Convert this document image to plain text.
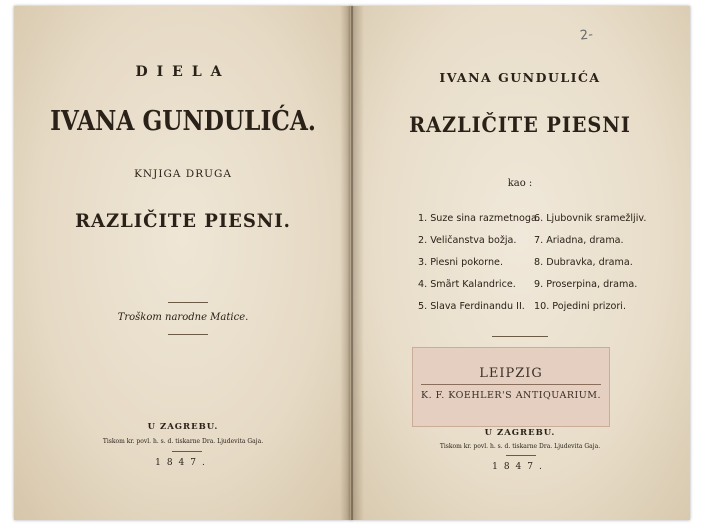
DIELA
IVANA GUNDULIĆA.
KNJIGA DRUGA
RAZLIČITE PIESNI.
Troškom narodne Matice.
U ZAGREBU.
Tiskom kr. povl. h. s. d. tiskarne Dra. Ljudevita Gaja.
1847.
2-
IVANA GUNDULIĆA
RAZLIČITE PIESNI
kao :
1. Suze sina razmetnoga.
2. Veličanstva božja.
3. Piesni pokorne.
4. Smȁrt Kalandrice.
5. Slava Ferdinandu II.
6. Ljubovnik sramežljiv.
7. Ariadna, drama.
8. Dubravka, drama.
9. Proserpina, drama.
10. Pojedini prizori.
LEIPZIG
K. F. KOEHLER'S ANTIQUARIUM.
U ZAGREBU.
Tiskom kr. povl. h. s. d. tiskarne Dra. Ljudevita Gaja.
1847.
